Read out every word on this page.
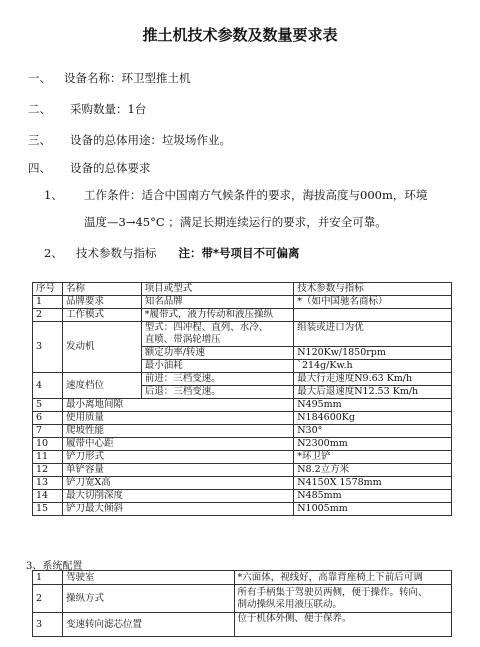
推土机技术参数及数量要求表
一、 设备名称：环卫型推土机
二、 采购数量：1台
三、 设备的总体用途：垃圾场作业。
四、 设备的总体要求
1、 工作条件：适合中国南方气候条件的要求，海拔高度与000m，环境
温度—3→45°C ；满足长期连续运行的要求，并安全可靠。
2、 技术参数与指标 注：带*号项目不可偏离
序号	名称	项目或型式	技术参数与指标
1	品牌要求	知名品牌	*（如中国驰名商标）
2	工作模式	*履带式，液力传动和液压操纵	
3	发动机	型式：四冲程、直列、水冷、	组装或进口为优
		直喷、带涡轮增压	
		额定功率/转速	N120Kw/1850rpm
		最小油耗	`214g/Kw.h
4	速度档位	前进：三档变速。	最大行走速度N9.63 Km/h
		后退：三档变速。	最大后退速度N12.53 Km/h
5	最小离地间隙		N495mm
6	使用质量		N184600Kg
7	爬坡性能		N30°
10	履带中心距		N2300mm
11	铲刀形式		*环卫铲
12	单铲容量		N8.2立方米
13	铲刀宽X高		N4150X 1578mm
14	最大切削深度		N485mm
15	铲刀最大倾斜		N1005mm
3、系统配置
1	驾驶室	*六面体，视线好，高靠背座椅上下前后可调
2	操纵方式	所有手柄集于驾驶员两侧，便于操作。转向、
制动操纵采用液压联动。

3	变速转向滤芯位置	位于机体外侧、便于保养。
